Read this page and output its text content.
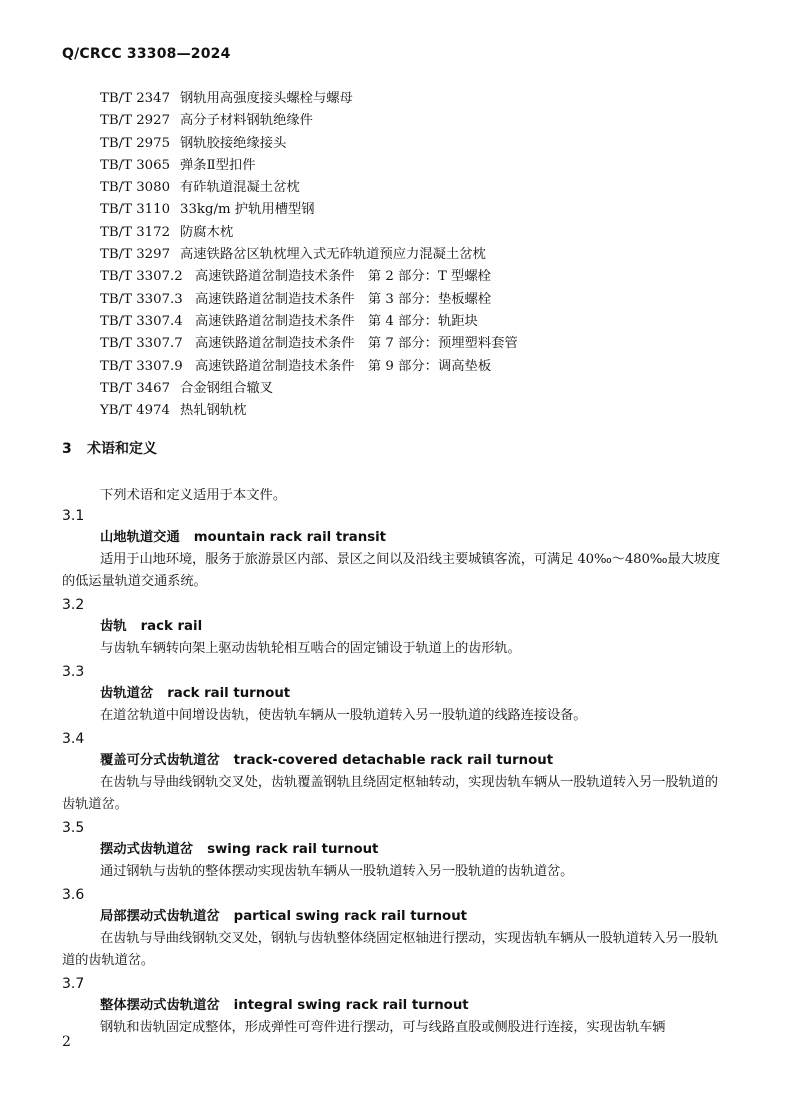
Q/CRCC 33308—2024
TB/T 2347 钢轨用高强度接头螺栓与螺母
TB/T 2927 高分子材料钢轨绝缘件
TB/T 2975 钢轨胶接绝缘接头
TB/T 3065 弹条Ⅱ型扣件
TB/T 3080 有砟轨道混凝土岔枕
TB/T 3110 33kg/m 护轨用槽型钢
TB/T 3172 防腐木枕
TB/T 3297 高速铁路岔区轨枕埋入式无砟轨道预应力混凝土岔枕
TB/T 3307.2 高速铁路道岔制造技术条件　第 2 部分：T 型螺栓
TB/T 3307.3 高速铁路道岔制造技术条件　第 3 部分：垫板螺栓
TB/T 3307.4 高速铁路道岔制造技术条件　第 4 部分：轨距块
TB/T 3307.7 高速铁路道岔制造技术条件　第 7 部分：预埋塑料套管
TB/T 3307.9 高速铁路道岔制造技术条件　第 9 部分：调高垫板
TB/T 3467 合金钢组合辙叉
YB/T 4974 热轧钢轨枕
3 术语和定义
下列术语和定义适用于本文件。
3.1
山地轨道交通 mountain rack rail transit
适用于山地环境，服务于旅游景区内部、景区之间以及沿线主要城镇客流，可满足 40‰～480‰最大坡度的低运量轨道交通系统。
3.2
齿轨 rack rail
与齿轨车辆转向架上驱动齿轨轮相互啮合的固定铺设于轨道上的齿形轨。
3.3
齿轨道岔 rack rail turnout
在道岔轨道中间增设齿轨，使齿轨车辆从一股轨道转入另一股轨道的线路连接设备。
3.4
覆盖可分式齿轨道岔 track-covered detachable rack rail turnout
在齿轨与导曲线钢轨交叉处，齿轨覆盖钢轨且绕固定枢轴转动，实现齿轨车辆从一股轨道转入另一股轨道的齿轨道岔。
3.5
摆动式齿轨道岔 swing rack rail turnout
通过钢轨与齿轨的整体摆动实现齿轨车辆从一股轨道转入另一股轨道的齿轨道岔。
3.6
局部摆动式齿轨道岔 partical swing rack rail turnout
在齿轨与导曲线钢轨交叉处，钢轨与齿轨整体绕固定枢轴进行摆动，实现齿轨车辆从一股轨道转入另一股轨道的齿轨道岔。
3.7
整体摆动式齿轨道岔 integral swing rack rail turnout
钢轨和齿轨固定成整体，形成弹性可弯件进行摆动，可与线路直股或侧股进行连接，实现齿轨车辆
2
